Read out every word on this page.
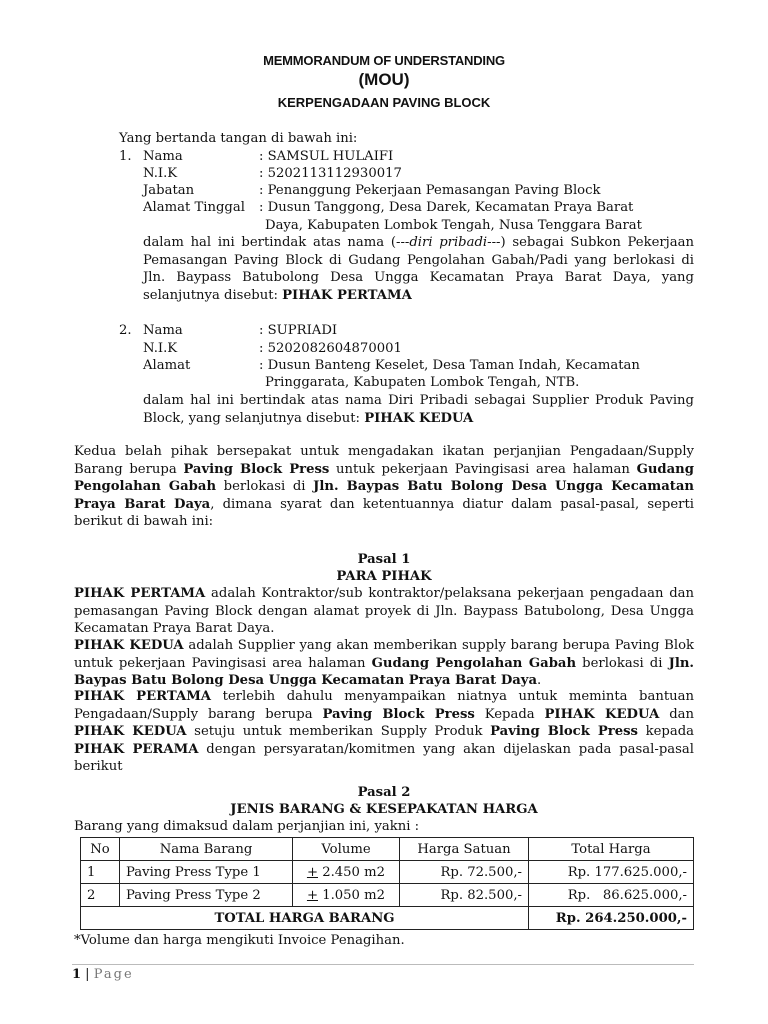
MEMMORANDUM OF UNDERSTANDING
(MOU)
KERPENGADAAN PAVING BLOCK
Yang bertanda tangan di bawah ini:
1. Nama	: SAMSUL HULAIFI
N.I.K	: 5202113112930017
Jabatan	: Penanggung Pekerjaan Pemasangan Paving Block
Alamat Tinggal : Dusun Tanggong, Desa Darek, Kecamatan Praya Barat
Daya, Kabupaten Lombok Tengah, Nusa Tenggara Barat
dalam hal ini bertindak atas nama (---diri pribadi---) sebagai Subkon Pekerjaan Pemasangan Paving Block di Gudang Pengolahan Gabah/Padi yang berlokasi di Jln. Baypass Batubolong Desa Ungga Kecamatan Praya Barat Daya, yang selanjutnya disebut: PIHAK PERTAMA
2. Nama	: SUPRIADI
N.I.K	: 5202082604870001
Alamat	: Dusun Banteng Keselet, Desa Taman Indah, Kecamatan
Pringgarata, Kabupaten Lombok Tengah, NTB.
dalam hal ini bertindak atas nama Diri Pribadi sebagai Supplier Produk Paving Block, yang selanjutnya disebut: PIHAK KEDUA
Kedua belah pihak bersepakat untuk mengadakan ikatan perjanjian Pengadaan/Supply Barang berupa Paving Block Press untuk pekerjaan Pavingisasi area halaman Gudang Pengolahan Gabah berlokasi di Jln. Baypas Batu Bolong Desa Ungga Kecamatan Praya Barat Daya, dimana syarat dan ketentuannya diatur dalam pasal-pasal, seperti berikut di bawah ini:
Pasal 1
PARA PIHAK
PIHAK PERTAMA adalah Kontraktor/sub kontraktor/pelaksana pekerjaan pengadaan dan pemasangan Paving Block dengan alamat proyek di Jln. Baypass Batubolong, Desa Ungga Kecamatan Praya Barat Daya.
PIHAK KEDUA adalah Supplier yang akan memberikan supply barang berupa Paving Blok untuk pekerjaan Pavingisasi area halaman Gudang Pengolahan Gabah berlokasi di Jln. Baypas Batu Bolong Desa Ungga Kecamatan Praya Barat Daya.
PIHAK PERTAMA terlebih dahulu menyampaikan niatnya untuk meminta bantuan Pengadaan/Supply barang berupa Paving Block Press Kepada PIHAK KEDUA dan PIHAK KEDUA setuju untuk memberikan Supply Produk Paving Block Press kepada PIHAK PERAMA dengan persyaratan/komitmen yang akan dijelaskan pada pasal-pasal berikut
Pasal 2
JENIS BARANG & KESEPAKATAN HARGA
Barang yang dimaksud dalam perjanjian ini, yakni :
No	Nama Barang	Volume	Harga Satuan	Total Harga
1	Paving Press Type 1	+ 2.450 m2	Rp. 72.500,-	Rp. 177.625.000,-
2	Paving Press Type 2	+ 1.050 m2	Rp. 82.500,-	Rp.   86.625.000,-
TOTAL HARGA BARANG				Rp. 264.250.000,-
*Volume dan harga mengikuti Invoice Penagihan.
1 | Page
